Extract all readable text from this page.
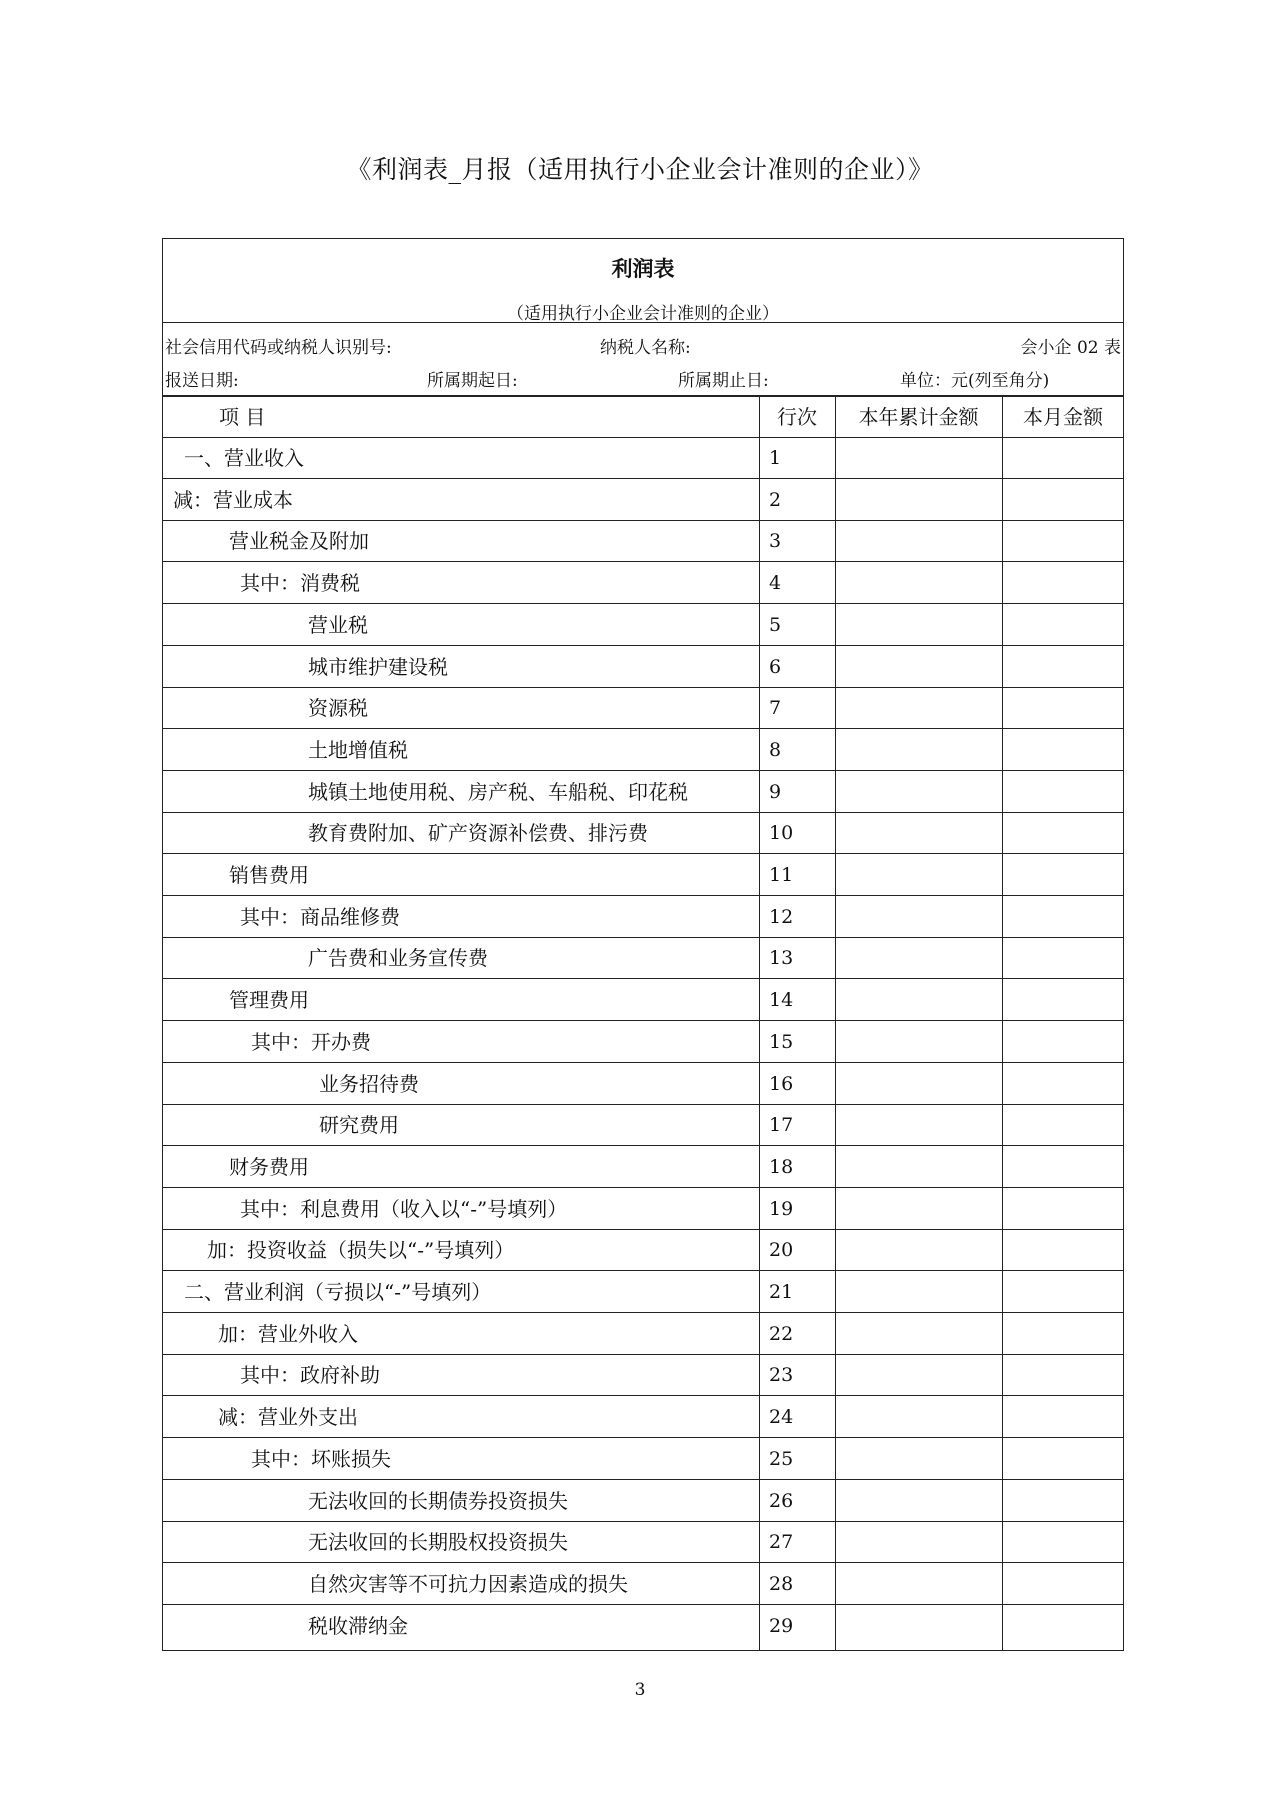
《利润表_月报（适用执行小企业会计准则的企业）》
利润表
（适用执行小企业会计准则的企业）
社会信用代码或纳税人识别号:	纳税人名称:	会小企 02 表
报送日期:	所属期起日:	所属期止日:	单位：元(列至角分)
项 目	行次	本年累计金额	本月金额
一、营业收入	1
减：营业成本	2
营业税金及附加	3
其中：消费税	4
营业税	5
城市维护建设税	6
资源税	7
土地增值税	8
城镇土地使用税、房产税、车船税、印花税	9
教育费附加、矿产资源补偿费、排污费	10
销售费用	11
其中：商品维修费	12
广告费和业务宣传费	13
管理费用	14
其中：开办费	15
业务招待费	16
研究费用	17
财务费用	18
其中：利息费用（收入以“-”号填列）	19
加：投资收益（损失以“-”号填列）	20
二、营业利润（亏损以“-”号填列）	21
加：营业外收入	22
其中：政府补助	23
减：营业外支出	24
其中：坏账损失	25
无法收回的长期债券投资损失	26
无法收回的长期股权投资损失	27
自然灾害等不可抗力因素造成的损失	28
税收滞纳金	29
3
